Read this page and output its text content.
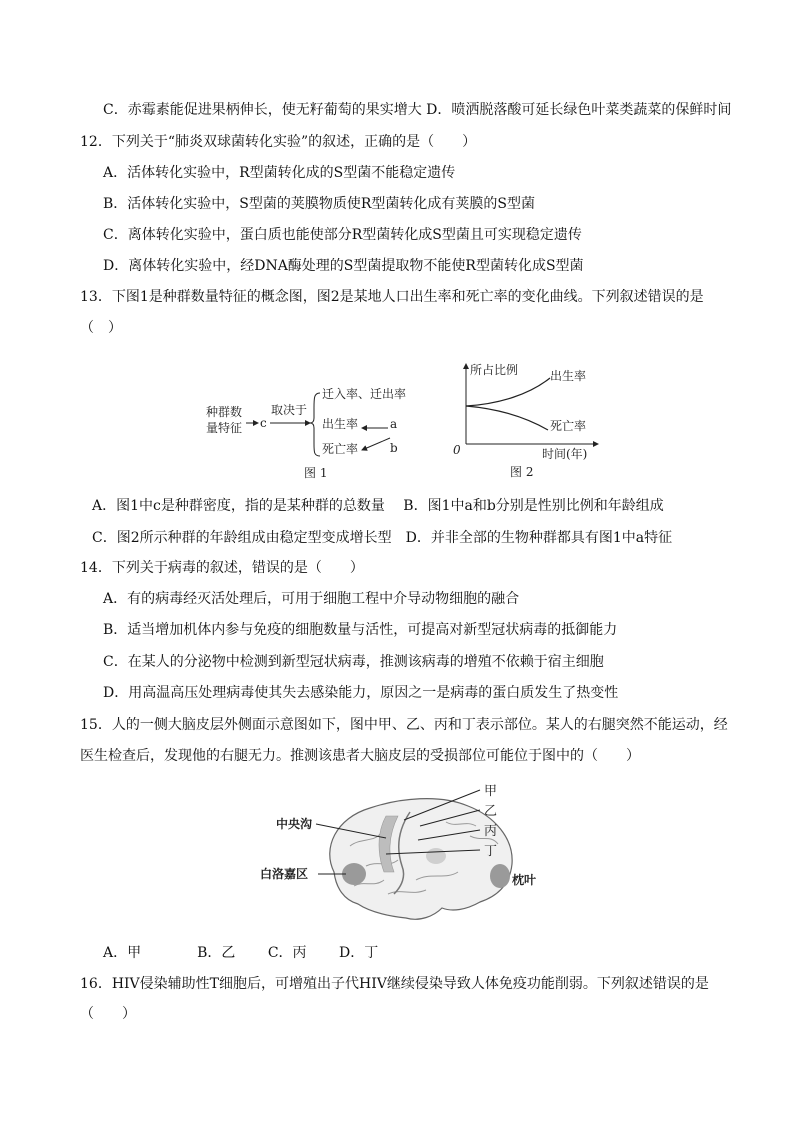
C．赤霉素能促进果柄伸长，使无籽葡萄的果实增大 D．喷洒脱落酸可延长绿色叶菜类蔬菜的保鲜时间
12．下列关于“肺炎双球菌转化实验”的叙述，正确的是（　　）
A．活体转化实验中，R型菌转化成的S型菌不能稳定遗传
B．活体转化实验中，S型菌的荚膜物质使R型菌转化成有荚膜的S型菌
C．离体转化实验中，蛋白质也能使部分R型菌转化成S型菌且可实现稳定遗传
D．离体转化实验中，经DNA酶处理的S型菌提取物不能使R型菌转化成S型菌
13．下图1是种群数量特征的概念图，图2是某地人口出生率和死亡率的变化曲线。下列叙述错误的是
（　）
种群数
量特征 c
取决于
迁入率、迁出率
出生率
死亡率
a
b
图 1
所占比例
0	时间(年)
出生率
死亡率
图 2
A．图1中c是种群密度，指的是某种群的总数量　 B．图1中a和b分别是性别比例和年龄组成
C．图2所示种群的年龄组成由稳定型变成增长型　D．并非全部的生物种群都具有图1中a特征
14．下列关于病毒的叙述，错误的是（　　）
A．有的病毒经灭活处理后，可用于细胞工程中介导动物细胞的融合
B．适当增加机体内参与免疫的细胞数量与活性，可提高对新型冠状病毒的抵御能力
C．在某人的分泌物中检测到新型冠状病毒，推测该病毒的增殖不依赖于宿主细胞
D．用高温高压处理病毒使其失去感染能力，原因之一是病毒的蛋白质发生了热变性
15．人的一侧大脑皮层外侧面示意图如下，图中甲、乙、丙和丁表示部位。某人的右腿突然不能运动，经
医生检查后，发现他的右腿无力。推测该患者大脑皮层的受损部位可能位于图中的（　　）
甲
乙
丙
丁
中央沟
白洛嘉区	枕叶
A．甲　　　　B．乙　　 C．丙　　 D．丁
16．HIV侵染辅助性T细胞后，可增殖出子代HIV继续侵染导致人体免疫功能削弱。下列叙述错误的是
（　　）
